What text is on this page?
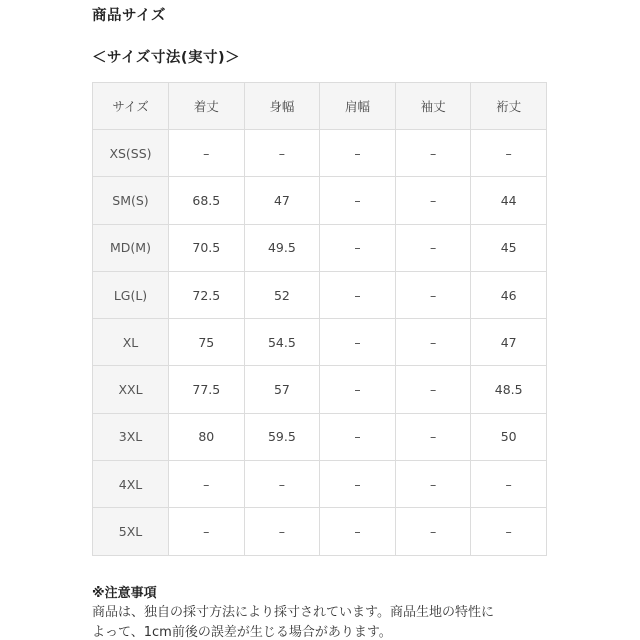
商品サイズ
＜サイズ寸法(実寸)＞
サイズ	着丈	身幅	肩幅	袖丈	裄丈
XS(SS)	–	–	–	–	–
SM(S)	68.5	47	–	–	44
MD(M)	70.5	49.5	–	–	45
LG(L)	72.5	52	–	–	46
XL	75	54.5	–	–	47
XXL	77.5	57	–	–	48.5
3XL	80	59.5	–	–	50
4XL	–	–	–	–	–
5XL	–	–	–	–	–
※注意事項
商品は、独自の採寸方法により採寸されています。商品生地の特性に
よって、1cm前後の誤差が生じる場合があります。
